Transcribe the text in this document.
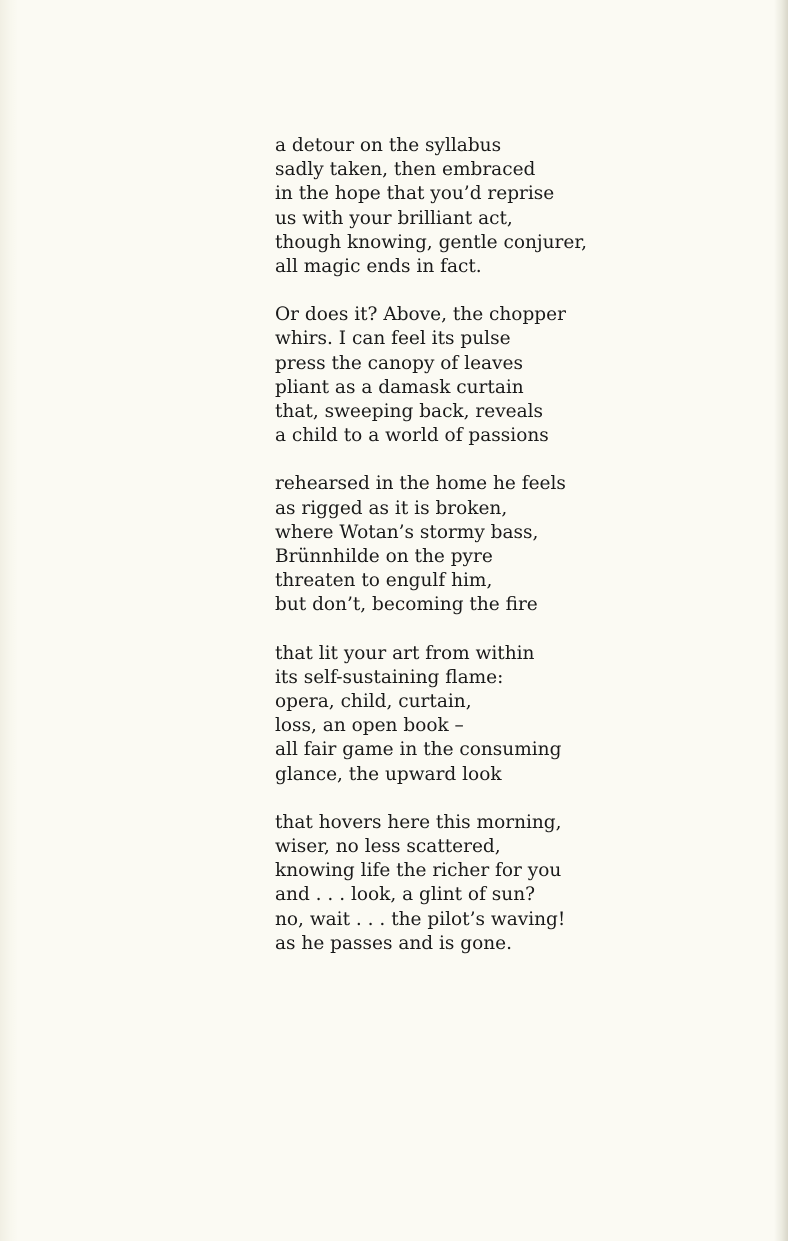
a detour on the syllabus
sadly taken, then embraced
in the hope that you’d reprise
us with your brilliant act,
though knowing, gentle conjurer,
all magic ends in fact.
Or does it? Above, the chopper
whirs. I can feel its pulse
press the canopy of leaves
pliant as a damask curtain
that, sweeping back, reveals
a child to a world of passions
rehearsed in the home he feels
as rigged as it is broken,
where Wotan’s stormy bass,
Brünnhilde on the pyre
threaten to engulf him,
but don’t, becoming the fire
that lit your art from within
its self-sustaining flame:
opera, child, curtain,
loss, an open book –
all fair game in the consuming
glance, the upward look
that hovers here this morning,
wiser, no less scattered,
knowing life the richer for you
and . . . look, a glint of sun?
no, wait . . . the pilot’s waving!
as he passes and is gone.
